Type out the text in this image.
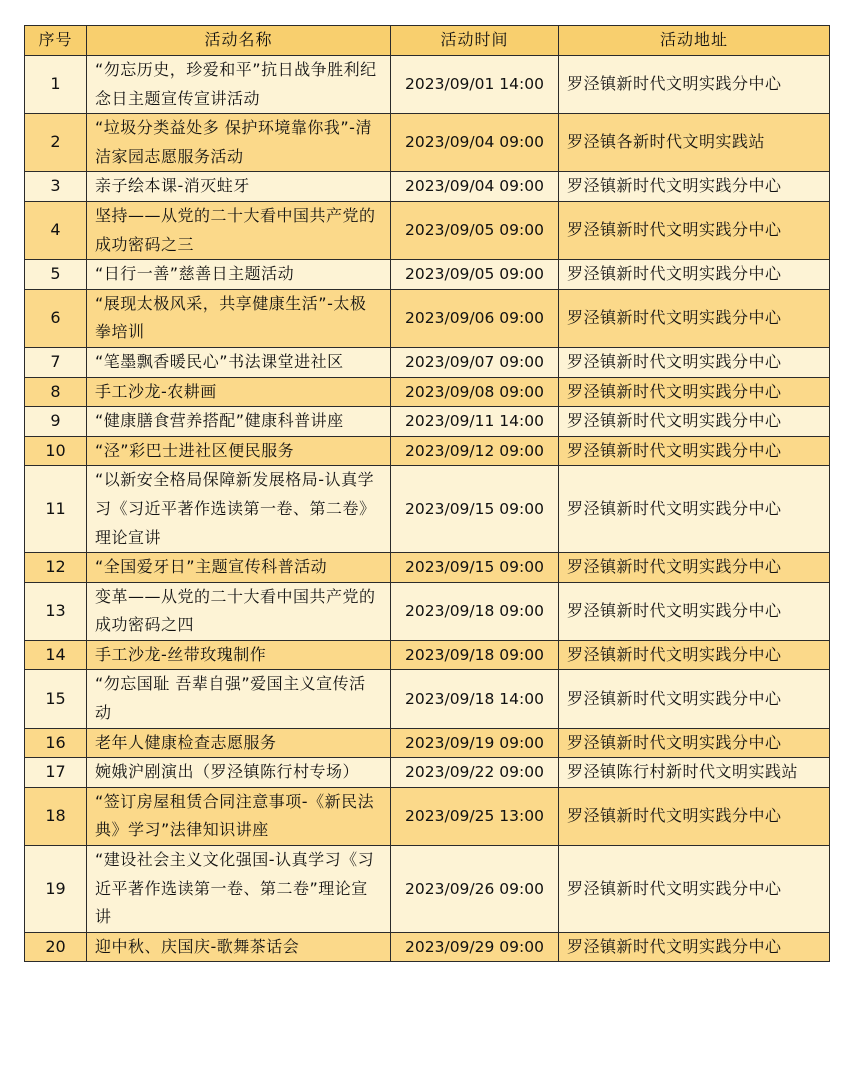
序号	活动名称	活动时间	活动地址
1	“勿忘历史，珍爱和平”抗日战争胜利纪念日主题宣传宣讲活动	2023/09/01 14:00	罗泾镇新时代文明实践分中心
2	“垃圾分类益处多 保护环境靠你我”-清洁家园志愿服务活动	2023/09/04 09:00	罗泾镇各新时代文明实践站
3	亲子绘本课-消灭蛀牙	2023/09/04 09:00	罗泾镇新时代文明实践分中心
4	坚持——从党的二十大看中国共产党的成功密码之三	2023/09/05 09:00	罗泾镇新时代文明实践分中心
5	“日行一善”慈善日主题活动	2023/09/05 09:00	罗泾镇新时代文明实践分中心
6	“展现太极风采，共享健康生活”-太极拳培训	2023/09/06 09:00	罗泾镇新时代文明实践分中心
7	“笔墨飘香暖民心”书法课堂进社区	2023/09/07 09:00	罗泾镇新时代文明实践分中心
8	手工沙龙-农耕画	2023/09/08 09:00	罗泾镇新时代文明实践分中心
9	“健康膳食营养搭配”健康科普讲座	2023/09/11 14:00	罗泾镇新时代文明实践分中心
10	“泾”彩巴士进社区便民服务	2023/09/12 09:00	罗泾镇新时代文明实践分中心
11	“以新安全格局保障新发展格局-认真学习《习近平著作选读第一卷、第二卷》理论宣讲	2023/09/15 09:00	罗泾镇新时代文明实践分中心
12	“全国爱牙日”主题宣传科普活动	2023/09/15 09:00	罗泾镇新时代文明实践分中心
13	变革——从党的二十大看中国共产党的成功密码之四	2023/09/18 09:00	罗泾镇新时代文明实践分中心
14	手工沙龙-丝带玫瑰制作	2023/09/18 09:00	罗泾镇新时代文明实践分中心
15	“勿忘国耻 吾辈自强”爱国主义宣传活动	2023/09/18 14:00	罗泾镇新时代文明实践分中心
16	老年人健康检查志愿服务	2023/09/19 09:00	罗泾镇新时代文明实践分中心
17	婉娥沪剧演出（罗泾镇陈行村专场）	2023/09/22 09:00	罗泾镇陈行村新时代文明实践站
18	“签订房屋租赁合同注意事项-《新民法典》学习”法律知识讲座	2023/09/25 13:00	罗泾镇新时代文明实践分中心
19	“建设社会主义文化强国-认真学习《习近平著作选读第一卷、第二卷”理论宣讲	2023/09/26 09:00	罗泾镇新时代文明实践分中心
20	迎中秋、庆国庆-歌舞茶话会	2023/09/29 09:00	罗泾镇新时代文明实践分中心
